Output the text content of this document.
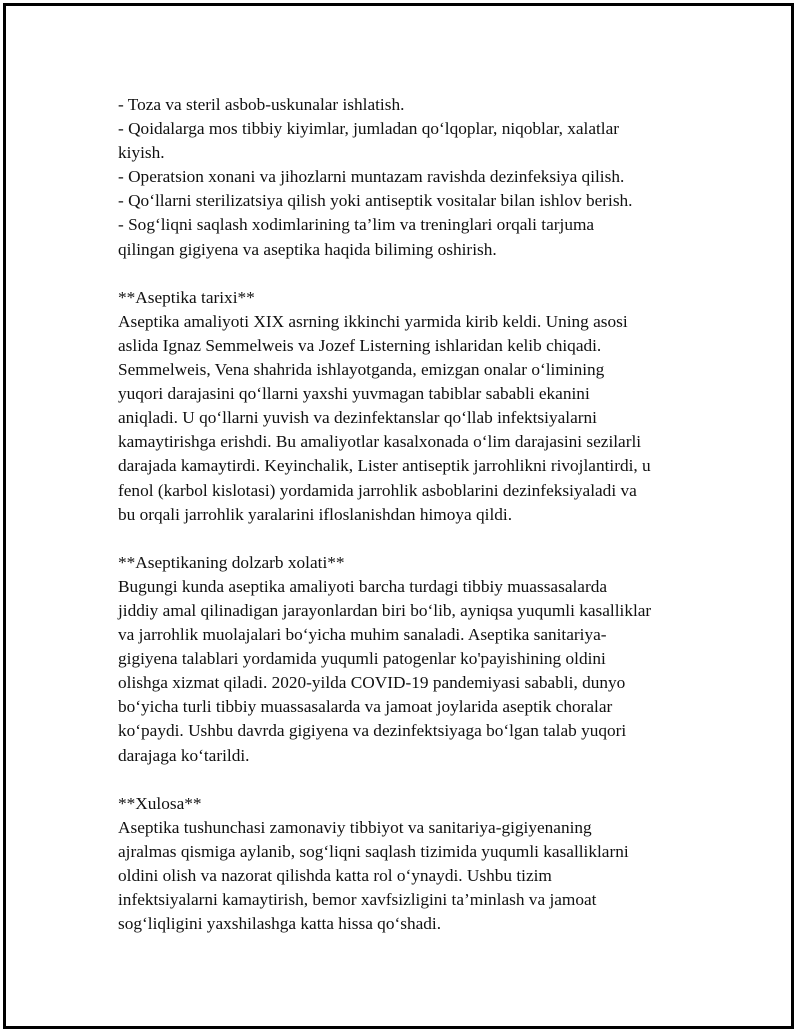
- Toza va steril asbob-uskunalar ishlatish.
- Qoidalarga mos tibbiy kiyimlar, jumladan qo‘lqoplar, niqoblar, xalatlar
kiyish.
- Operatsion xonani va jihozlarni muntazam ravishda dezinfeksiya qilish.
- Qo‘llarni sterilizatsiya qilish yoki antiseptik vositalar bilan ishlov berish.
- Sog‘liqni saqlash xodimlarining ta’lim va treninglari orqali tarjuma
qilingan gigiyena va aseptika haqida biliming oshirish.
**Aseptika tarixi**
Aseptika amaliyoti XIX asrning ikkinchi yarmida kirib keldi. Uning asosi
aslida Ignaz Semmelweis va Jozef Listerning ishlaridan kelib chiqadi.
Semmelweis, Vena shahrida ishlayotganda, emizgan onalar o‘limining
yuqori darajasini qo‘llarni yaxshi yuvmagan tabiblar sababli ekanini
aniqladi. U qo‘llarni yuvish va dezinfektanslar qo‘llab infektsiyalarni
kamaytirishga erishdi. Bu amaliyotlar kasalxonada o‘lim darajasini sezilarli
darajada kamaytirdi. Keyinchalik, Lister antiseptik jarrohlikni rivojlantirdi, u
fenol (karbol kislotasi) yordamida jarrohlik asboblarini dezinfeksiyaladi va
bu orqali jarrohlik yaralarini ifloslanishdan himoya qildi.
**Aseptikaning dolzarb xolati**
Bugungi kunda aseptika amaliyoti barcha turdagi tibbiy muassasalarda
jiddiy amal qilinadigan jarayonlardan biri bo‘lib, ayniqsa yuqumli kasalliklar
va jarrohlik muolajalari bo‘yicha muhim sanaladi. Aseptika sanitariya-
gigiyena talablari yordamida yuqumli patogenlar ko'payishining oldini
olishga xizmat qiladi. 2020-yilda COVID-19 pandemiyasi sababli, dunyo
bo‘yicha turli tibbiy muassasalarda va jamoat joylarida aseptik choralar
ko‘paydi. Ushbu davrda gigiyena va dezinfektsiyaga bo‘lgan talab yuqori
darajaga ko‘tarildi.
**Xulosa**
Aseptika tushunchasi zamonaviy tibbiyot va sanitariya-gigiyenaning
ajralmas qismiga aylanib, sog‘liqni saqlash tizimida yuqumli kasalliklarni
oldini olish va nazorat qilishda katta rol o‘ynaydi. Ushbu tizim
infektsiyalarni kamaytirish, bemor xavfsizligini ta’minlash va jamoat
sog‘liqligini yaxshilashga katta hissa qo‘shadi.
